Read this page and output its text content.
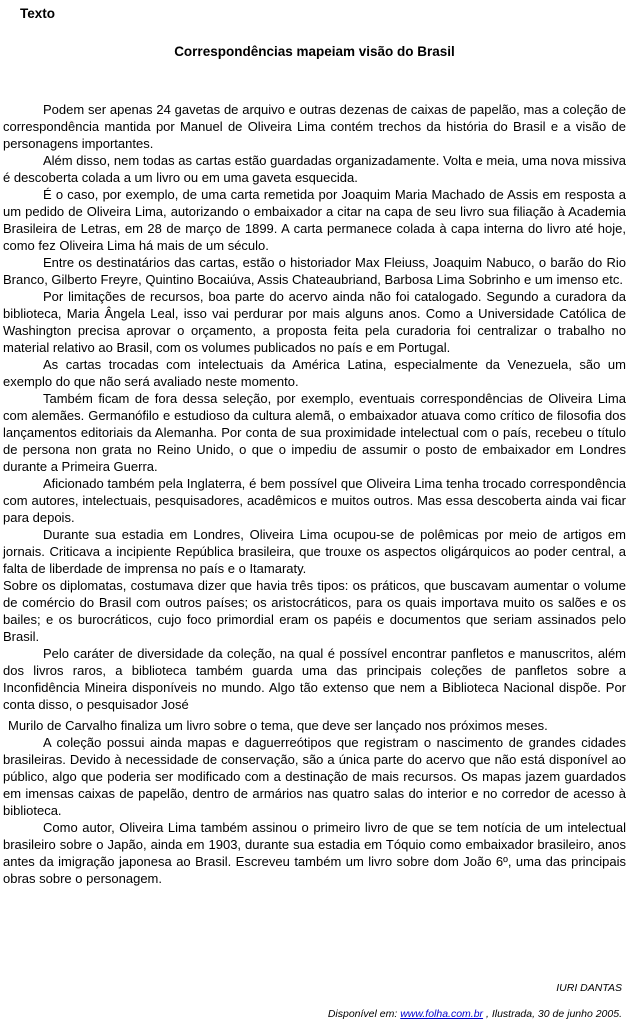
Texto
Correspondências mapeiam visão do Brasil

Podem ser apenas 24 gavetas de arquivo e outras dezenas de caixas de papelão, mas a coleção de correspondência mantida por Manuel de Oliveira Lima contém trechos da história do Brasil e a visão de personagens importantes.

Além disso, nem todas as cartas estão guardadas organizadamente. Volta e meia, uma nova missiva é descoberta colada a um livro ou em uma gaveta esquecida.

É o caso, por exemplo, de uma carta remetida por Joaquim Maria Machado de Assis em resposta a um pedido de Oliveira Lima, autorizando o embaixador a citar na capa de seu livro sua filiação à Academia Brasileira de Letras, em 28 de março de 1899. A carta permanece colada à capa interna do livro até hoje, como fez Oliveira Lima há mais de um século.

Entre os destinatários das cartas, estão o historiador Max Fleiuss, Joaquim Nabuco, o barão do Rio Branco, Gilberto Freyre, Quintino Bocaiúva, Assis Chateaubriand, Barbosa Lima Sobrinho e um imenso etc.

Por limitações de recursos, boa parte do acervo ainda não foi catalogado. Segundo a curadora da biblioteca, Maria Ângela Leal, isso vai perdurar por mais alguns anos. Como a Universidade Católica de Washington precisa aprovar o orçamento, a proposta feita pela curadoria foi centralizar o trabalho no material relativo ao Brasil, com os volumes publicados no país e em Portugal.

As cartas trocadas com intelectuais da América Latina, especialmente da Venezuela, são um exemplo do que não será avaliado neste momento.

Também ficam de fora dessa seleção, por exemplo, eventuais correspondências de Oliveira Lima com alemães. Germanófilo e estudioso da cultura alemã, o embaixador atuava como crítico de filosofia dos lançamentos editoriais da Alemanha. Por conta de sua proximidade intelectual com o país, recebeu o título de persona non grata no Reino Unido, o que o impediu de assumir o posto de embaixador em Londres durante a Primeira Guerra.

Aficionado também pela Inglaterra, é bem possível que Oliveira Lima tenha trocado correspondência com autores, intelectuais, pesquisadores, acadêmicos e muitos outros. Mas essa descoberta ainda vai ficar para depois.

Durante sua estadia em Londres, Oliveira Lima ocupou-se de polêmicas por meio de artigos em jornais. Criticava a incipiente República brasileira, que trouxe os aspectos oligárquicos ao poder central, a falta de liberdade de imprensa no país e o Itamaraty.

Sobre os diplomatas, costumava dizer que havia três tipos: os práticos, que buscavam aumentar o volume de comércio do Brasil com outros países; os aristocráticos, para os quais importava muito os salões e os bailes; e os burocráticos, cujo foco primordial eram os papéis e documentos que seriam assinados pelo Brasil.

Pelo caráter de diversidade da coleção, na qual é possível encontrar panfletos e manuscritos, além dos livros raros, a biblioteca também guarda uma das principais coleções de panfletos sobre a Inconfidência Mineira disponíveis no mundo. Algo tão extenso que nem a Biblioteca Nacional dispõe. Por conta disso, o pesquisador José

Murilo de Carvalho finaliza um livro sobre o tema, que deve ser lançado nos próximos meses.

A coleção possui ainda mapas e daguerreótipos que registram o nascimento de grandes cidades brasileiras. Devido à necessidade de conservação, são a única parte do acervo que não está disponível ao público, algo que poderia ser modificado com a destinação de mais recursos. Os mapas jazem guardados em imensas caixas de papelão, dentro de armários nas quatro salas do interior e no corredor de acesso à biblioteca.

Como autor, Oliveira Lima também assinou o primeiro livro de que se tem notícia de um intelectual brasileiro sobre o Japão, ainda em 1903, durante sua estadia em Tóquio como embaixador brasileiro, anos antes da imigração japonesa ao Brasil. Escreveu também um livro sobre dom João 6º, uma das principais obras sobre o personagem.

IURI DANTAS
Disponível em: www.folha.com.br , Ilustrada, 30 de junho 2005.
